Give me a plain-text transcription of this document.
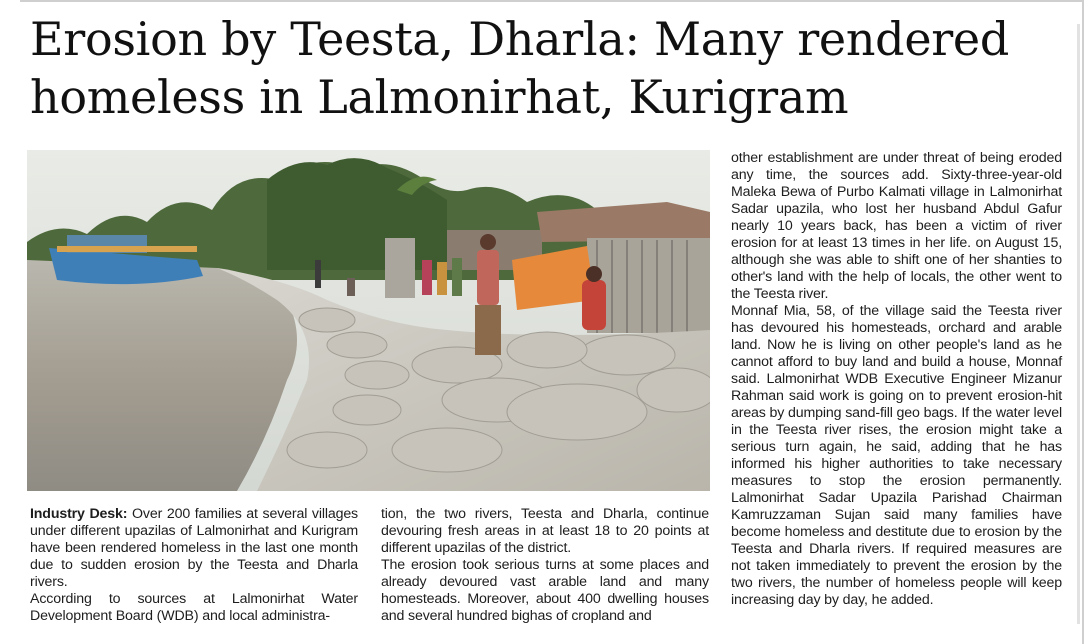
Erosion by Teesta, Dharla: Many rendered
homeless in Lalmonirhat, Kurigram

Industry Desk: Over 200 families at several villages under different upazilas of Lalmonirhat and Kurigram have been rendered homeless in the last one month due to sudden erosion by the Teesta and Dharla rivers.

According to sources at Lalmonirhat Water Development Board (WDB) and local administra-

tion, the two rivers, Teesta and Dharla, continue devouring fresh areas in at least 18 to 20 points at different upazilas of the district.

The erosion took serious turns at some places and already devoured vast arable land and many homesteads. Moreover, about 400 dwelling houses and several hundred bighas of cropland and

other establishment are under threat of being eroded any time, the sources add. Sixty-three-year-old Maleka Bewa of Purbo Kalmati village in Lalmonirhat Sadar upazila, who lost her husband Abdul Gafur nearly 10 years back, has been a victim of river erosion for at least 13 times in her life. on August 15, although she was able to shift one of her shanties to other's land with the help of locals, the other went to the Teesta river.

Monnaf Mia, 58, of the village said the Teesta river has devoured his homesteads, orchard and arable land. Now he is living on other people's land as he cannot afford to buy land and build a house, Monnaf said. Lalmonirhat WDB Executive Engineer Mizanur Rahman said work is going on to prevent erosion-hit areas by dumping sand-fill geo bags. If the water level in the Teesta river rises, the erosion might take a serious turn again, he said, adding that he has informed his higher authorities to take necessary measures to stop the erosion permanently. Lalmonirhat Sadar Upazila Parishad Chairman Kamruzzaman Sujan said many families have become homeless and destitute due to erosion by the Teesta and Dharla rivers. If required measures are not taken immediately to prevent the erosion by the two rivers, the number of homeless people will keep increasing day by day, he added.
